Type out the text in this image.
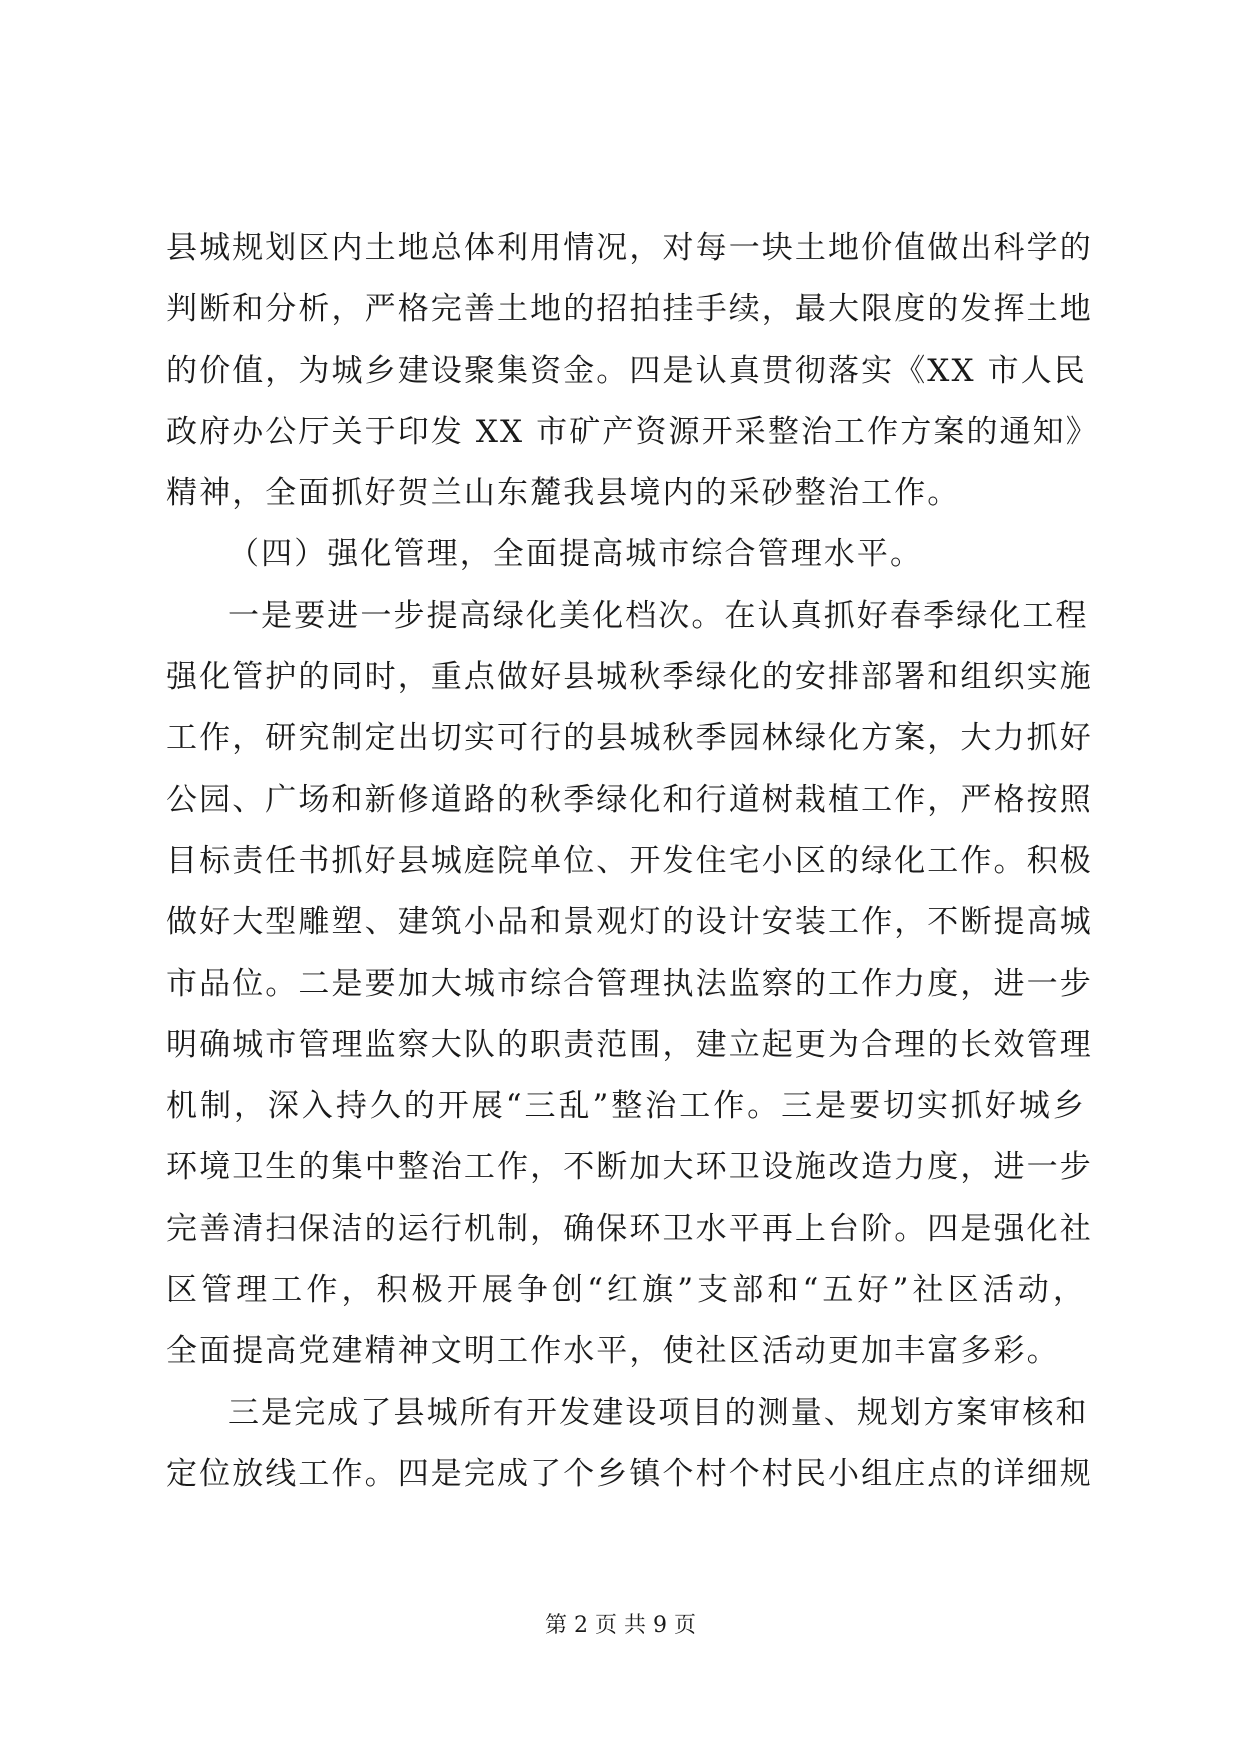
县城规划区内土地总体利用情况，对每一块土地价值做出科学的
判断和分析，严格完善土地的招拍挂手续，最大限度的发挥土地
的价值，为城乡建设聚集资金。四是认真贯彻落实《XX 市人民
政府办公厅关于印发 XX 市矿产资源开采整治工作方案的通知》
精神，全面抓好贺兰山东麓我县境内的采砂整治工作。
（四）强化管理，全面提高城市综合管理水平。
一是要进一步提高绿化美化档次。在认真抓好春季绿化工程
强化管护的同时，重点做好县城秋季绿化的安排部署和组织实施
工作，研究制定出切实可行的县城秋季园林绿化方案，大力抓好
公园、广场和新修道路的秋季绿化和行道树栽植工作，严格按照
目标责任书抓好县城庭院单位、开发住宅小区的绿化工作。积极
做好大型雕塑、建筑小品和景观灯的设计安装工作，不断提高城
市品位。二是要加大城市综合管理执法监察的工作力度，进一步
明确城市管理监察大队的职责范围，建立起更为合理的长效管理
机制，深入持久的开展“三乱”整治工作。三是要切实抓好城乡
环境卫生的集中整治工作，不断加大环卫设施改造力度，进一步
完善清扫保洁的运行机制，确保环卫水平再上台阶。四是强化社
区管理工作，积极开展争创“红旗”支部和“五好”社区活动，
全面提高党建精神文明工作水平，使社区活动更加丰富多彩。
三是完成了县城所有开发建设项目的测量、规划方案审核和
定位放线工作。四是完成了个乡镇个村个村民小组庄点的详细规
第 2 页 共 9 页
